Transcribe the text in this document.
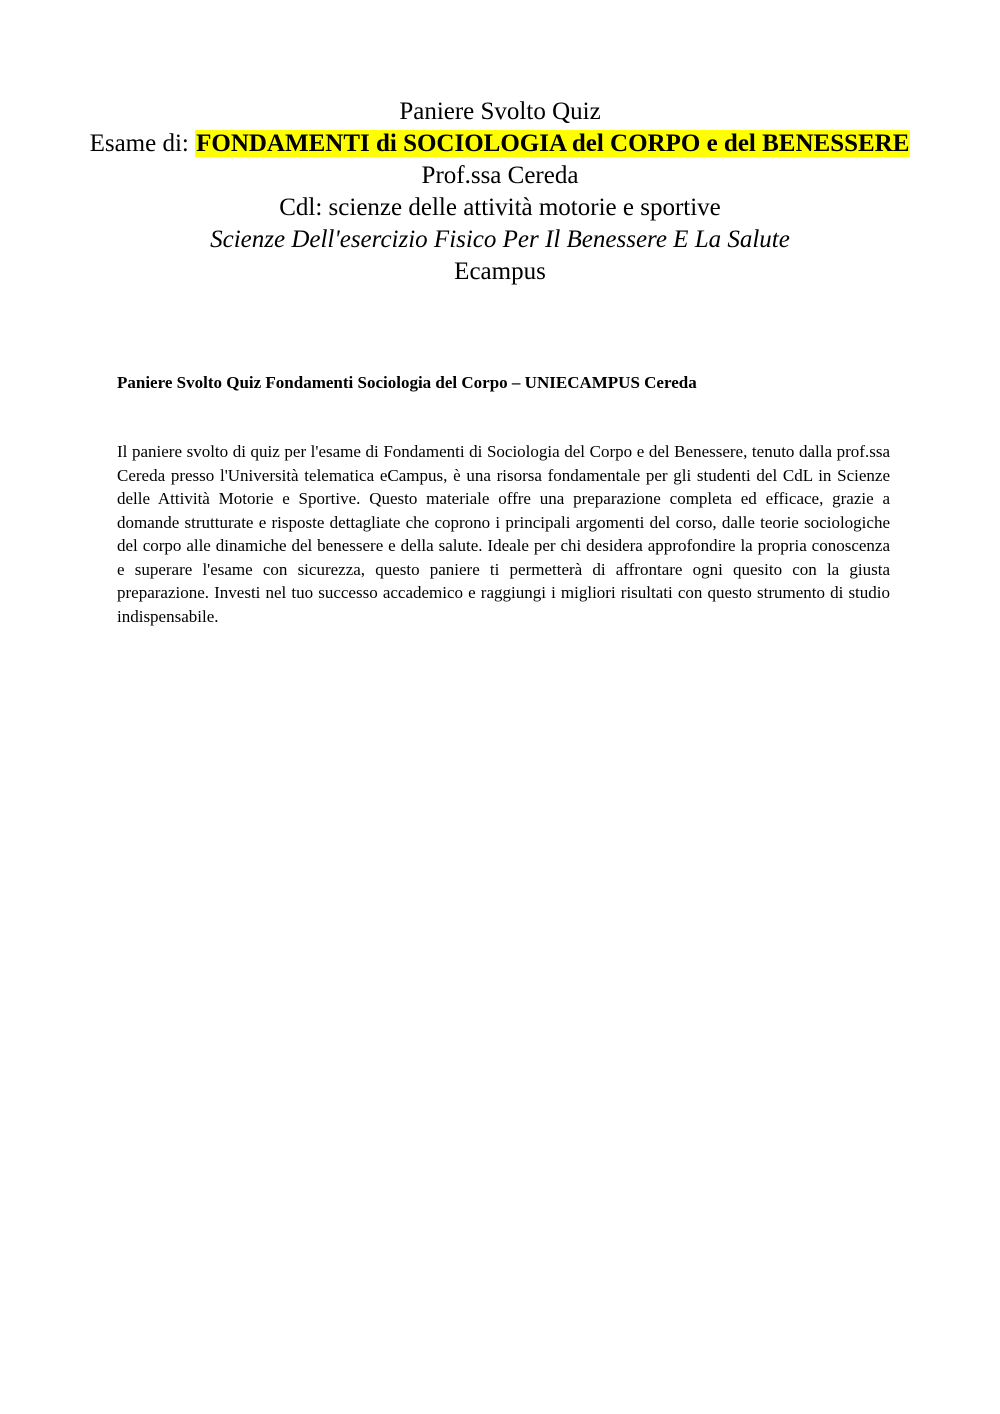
Paniere Svolto Quiz
Esame di: FONDAMENTI di SOCIOLOGIA del CORPO e del BENESSERE
Prof.ssa Cereda
Cdl: scienze delle attività motorie e sportive
Scienze Dell'esercizio Fisico Per Il Benessere E La Salute
Ecampus
Paniere Svolto Quiz Fondamenti Sociologia del Corpo – UNIECAMPUS Cereda
Il paniere svolto di quiz per l'esame di Fondamenti di Sociologia del Corpo e del Benessere, tenuto dalla prof.ssa Cereda presso l'Università telematica eCampus, è una risorsa fondamentale per gli studenti del CdL in Scienze delle Attività Motorie e Sportive. Questo materiale offre una preparazione completa ed efficace, grazie a domande strutturate e risposte dettagliate che coprono i principali argomenti del corso, dalle teorie sociologiche del corpo alle dinamiche del benessere e della salute. Ideale per chi desidera approfondire la propria conoscenza e superare l'esame con sicurezza, questo paniere ti permetterà di affrontare ogni quesito con la giusta preparazione. Investi nel tuo successo accademico e raggiungi i migliori risultati con questo strumento di studio indispensabile.
